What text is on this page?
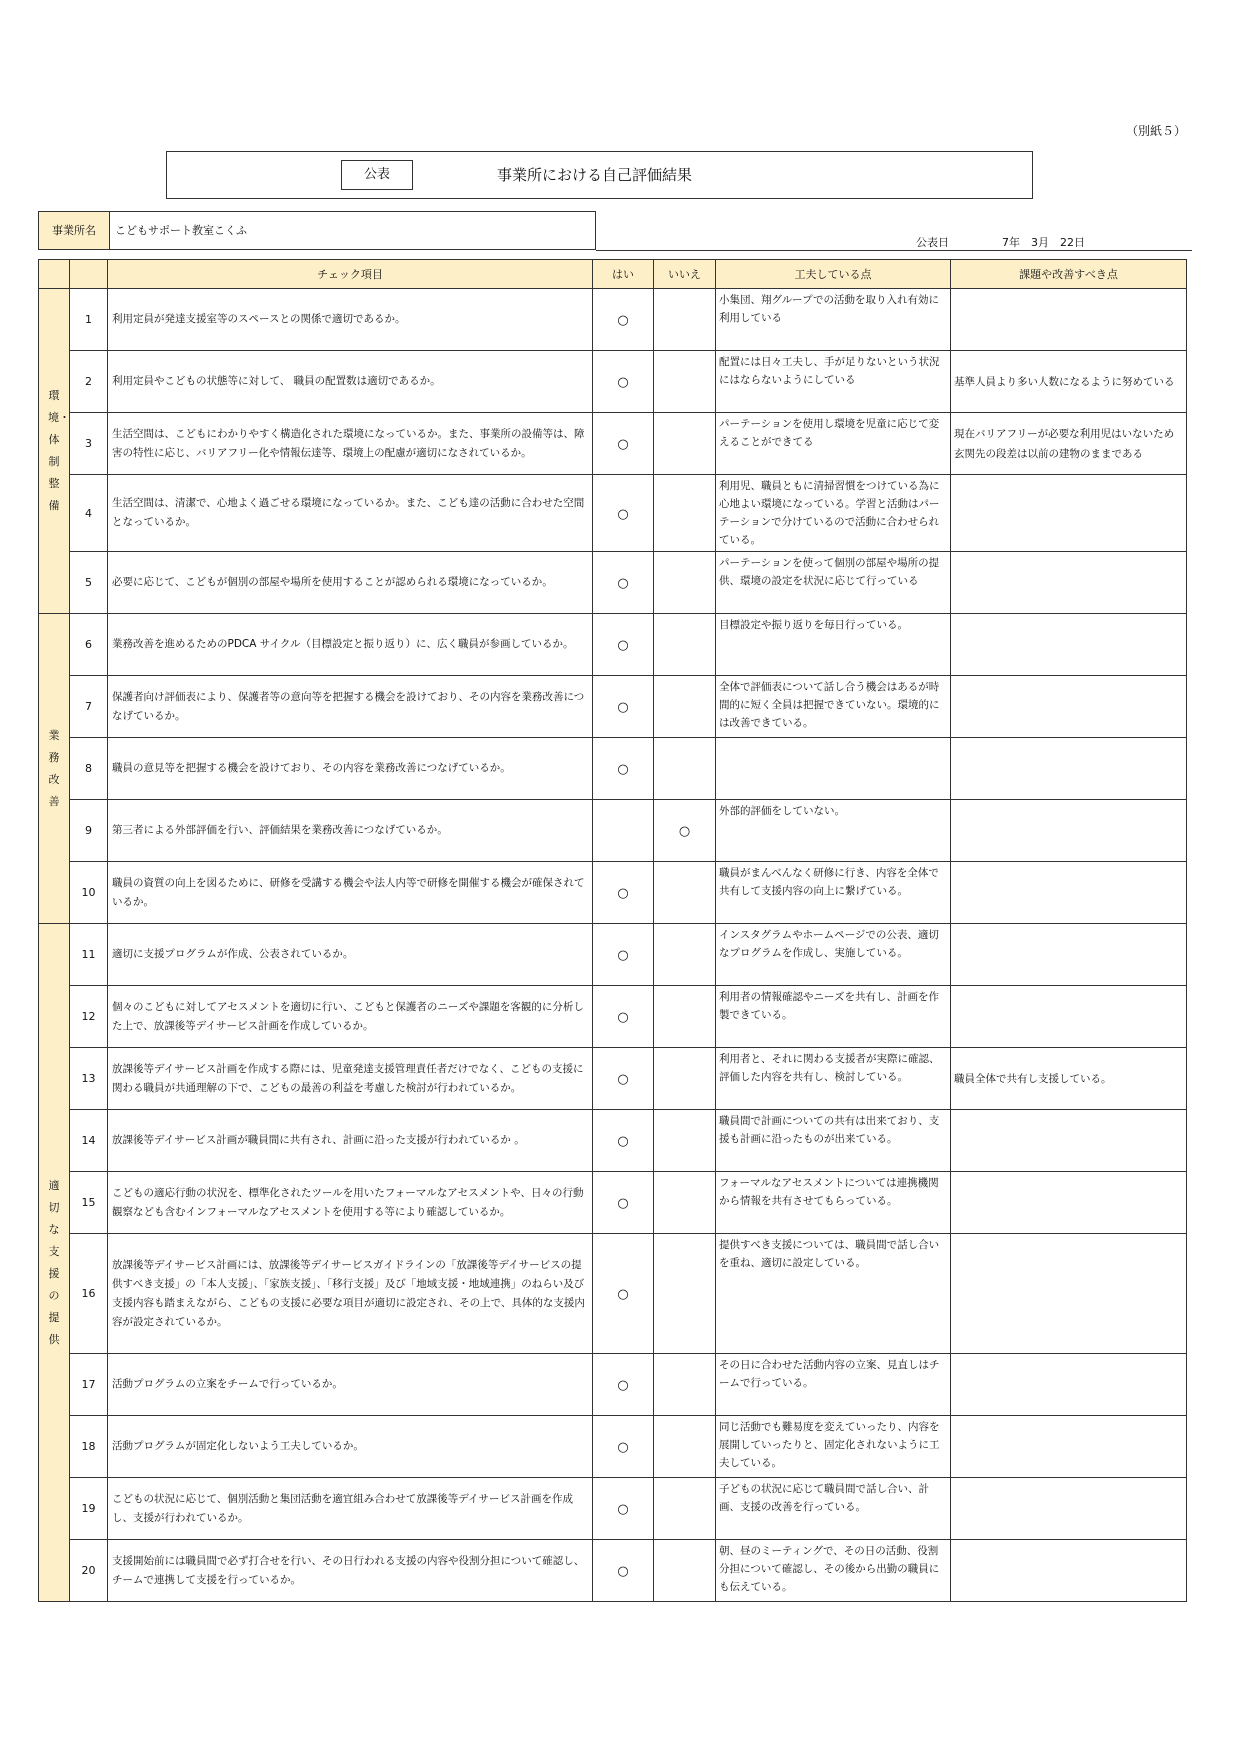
（別紙５）
公表	事業所における自己評価結果
事業所名	こどもサポート教室こくふ
公表日	7年　3月　22日
		チェック項目	はい	いいえ	工夫している点	課題や改善すべき点
環境・体制整備	1	利用定員が発達支援室等のスペースとの関係で適切であるか。	○		小集団、翔グループでの活動を取り入れ有効に利用している	
	2	利用定員やこどもの状態等に対して、 職員の配置数は適切であるか。	○		配置には日々工夫し、手が足りないという状況にはならないようにしている	基準人員より多い人数になるように努めている
	3	生活空間は、こどもにわかりやすく構造化された環境になっているか。また、事業所の設備等は、障害の特性に応じ、バリアフリー化や情報伝達等、環境上の配慮が適切になされているか。	○		パーテーションを使用し環境を児童に応じて変えることができてる	現在バリアフリーが必要な利用児はいないため玄関先の段差は以前の建物のままである
	4	生活空間は、清潔で、心地よく過ごせる環境になっているか。また、こども達の活動に合わせた空間となっているか。	○		利用児、職員ともに清掃習慣をつけている為に心地よい環境になっている。学習と活動はパーテーションで分けているので活動に合わせられている。	
	5	必要に応じて、こどもが個別の部屋や場所を使用することが認められる環境になっているか。	○		パーテーションを使って個別の部屋や場所の提供、環境の設定を状況に応じて行っている	
業務改善	6	業務改善を進めるためのPDCA サイクル（目標設定と振り返り）に、広く職員が参画しているか。	○		目標設定や振り返りを毎日行っている。	
	7	保護者向け評価表により、保護者等の意向等を把握する機会を設けており、その内容を業務改善につなげているか。	○		全体で評価表について話し合う機会はあるが時間的に短く全員は把握できていない。環境的には改善できている。	
	8	職員の意見等を把握する機会を設けており、その内容を業務改善につなげているか。	○			
	9	第三者による外部評価を行い、評価結果を業務改善につなげているか。		○	外部的評価をしていない。	
	10	職員の資質の向上を図るために、研修を受講する機会や法人内等で研修を開催する機会が確保されているか。	○		職員がまんべんなく研修に行き、内容を全体で共有して支援内容の向上に繋げている。	
適切な支援の提供	11	適切に支援プログラムが作成、公表されているか。	○		インスタグラムやホームページでの公表、適切なプログラムを作成し、実施している。	
	12	個々のこどもに対してアセスメントを適切に行い、こどもと保護者のニーズや課題を客観的に分析した上で、放課後等デイサービス計画を作成しているか。	○		利用者の情報確認やニーズを共有し、計画を作製できている。	
	13	放課後等デイサービス計画を作成する際には、児童発達支援管理責任者だけでなく、こどもの支援に関わる職員が共通理解の下で、こどもの最善の利益を考慮した検討が行われているか。	○		利用者と、それに関わる支援者が実際に確認、評価した内容を共有し、検討している。	職員全体で共有し支援している。
	14	放課後等デイサービス計画が職員間に共有され、計画に沿った支援が行われているか 。	○		職員間で計画についての共有は出来ており、支援も計画に沿ったものが出来ている。	
	15	こどもの適応行動の状況を、標準化されたツールを用いたフォーマルなアセスメントや、日々の行動観察なども含むインフォーマルなアセスメントを使用する等により確認しているか。	○		フォーマルなアセスメントについては連携機関から情報を共有させてもらっている。	
	16	放課後等デイサービス計画には、放課後等デイサービスガイドラインの「放課後等デイサービスの提供すべき支援」の「本人支援」、「家族支援」、「移行支援」及び「地域支援・地域連携」のねらい及び支援内容も踏まえながら、こどもの支援に必要な項目が適切に設定され、その上で、具体的な支援内容が設定されているか。	○		提供すべき支援については、職員間で話し合いを重ね、適切に設定している。	
	17	活動プログラムの立案をチームで行っているか。	○		その日に合わせた活動内容の立案、見直しはチームで行っている。	
	18	活動プログラムが固定化しないよう工夫しているか。	○		同じ活動でも難易度を変えていったり、内容を展開していったりと、固定化されないように工夫している。	
	19	こどもの状況に応じて、個別活動と集団活動を適宜組み合わせて放課後等デイサービス計画を作成し、支援が行われているか。	○		子どもの状況に応じて職員間で話し合い、計画、支援の改善を行っている。	
	20	支援開始前には職員間で必ず打合せを行い、その日行われる支援の内容や役割分担について確認し、チームで連携して支援を行っているか。	○		朝、昼のミーティングで、その日の活動、役割分担について確認し、その後から出勤の職員にも伝えている。	
